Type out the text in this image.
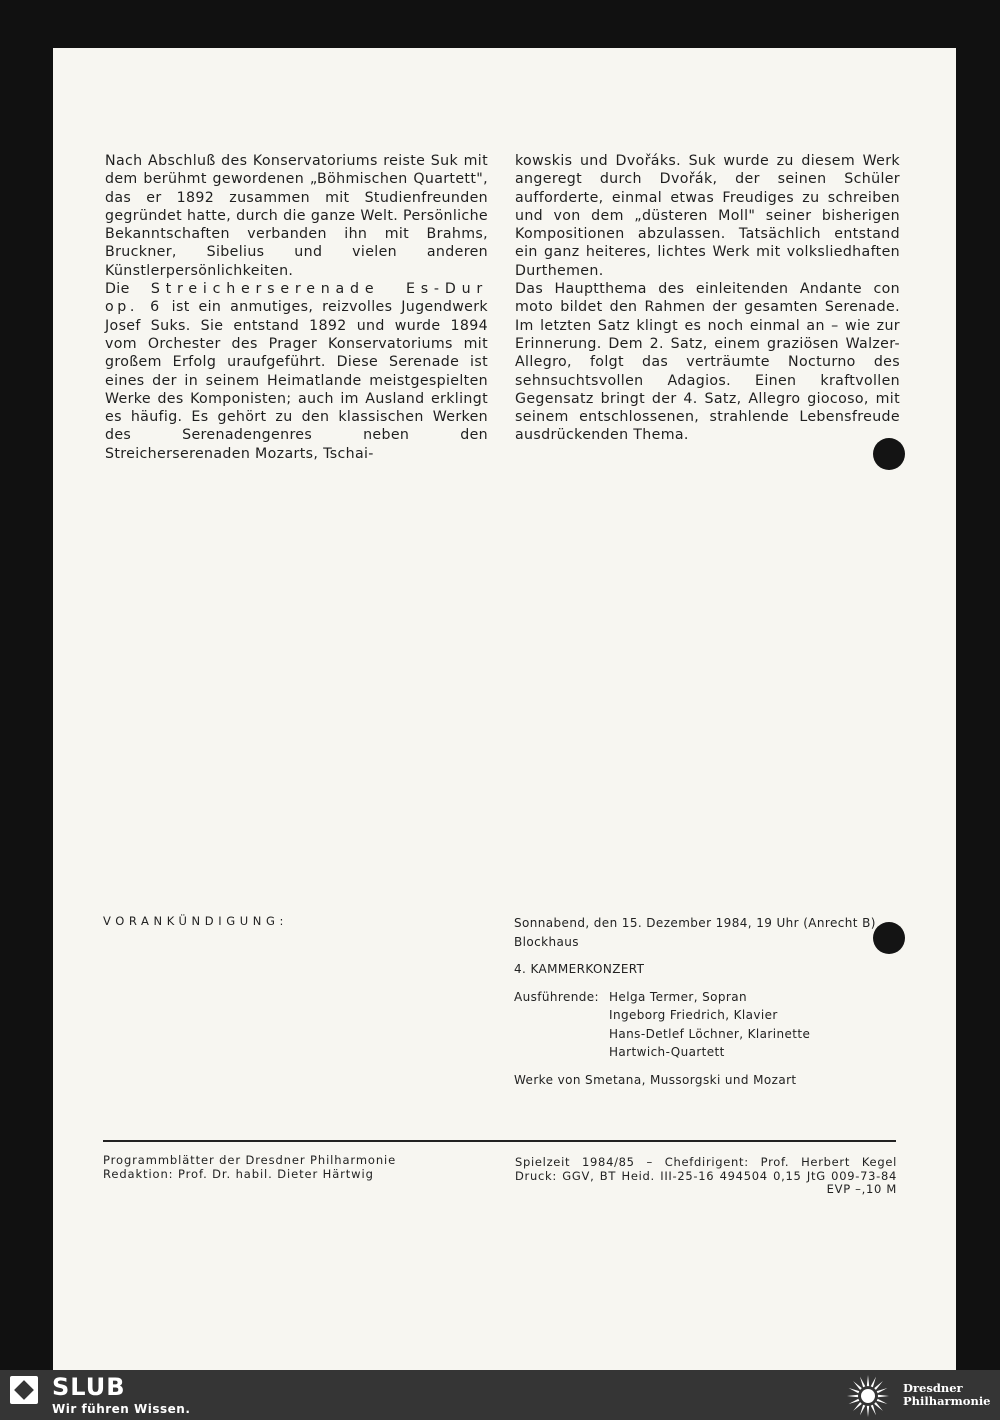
Nach Abschluß des Konservatoriums reiste Suk mit dem berühmt gewordenen „Böhmischen Quartett", das er 1892 zusammen mit Studienfreunden gegründet hatte, durch die ganze Welt. Persönliche Bekanntschaften verbanden ihn mit Brahms, Bruckner, Sibelius und vielen anderen Künstlerpersönlichkeiten.

Die Streicherserenade Es-Dur

op. 6 ist ein anmutiges, reizvolles Jugendwerk Josef Suks. Sie entstand 1892 und wurde 1894 vom Orchester des Prager Konservatoriums mit großem Erfolg uraufgeführt. Diese Serenade ist eines der in seinem Heimatlande meistgespielten Werke des Komponisten; auch im Ausland erklingt es häufig. Es gehört zu den klassischen Werken des Serenadengenres neben den Streicherserenaden Mozarts, Tschai-

kowskis und Dvořáks. Suk wurde zu diesem Werk angeregt durch Dvořák, der seinen Schüler aufforderte, einmal etwas Freudiges zu schreiben und von dem „düsteren Moll" seiner bisherigen Kompositionen abzulassen. Tatsächlich entstand ein ganz heiteres, lichtes Werk mit volksliedhaften Durthemen.

Das Hauptthema des einleitenden Andante con moto bildet den Rahmen der gesamten Serenade. Im letzten Satz klingt es noch einmal an – wie zur Erinnerung. Dem 2. Satz, einem graziösen Walzer-Allegro, folgt das verträumte Nocturno des sehnsuchtsvollen Adagios. Einen kraftvollen Gegensatz bringt der 4. Satz, Allegro giocoso, mit seinem entschlossenen, strahlende Lebensfreude ausdrückenden Thema.

VORANKÜNDIGUNG:	Sonnabend, den 15. Dezember 1984, 19 Uhr (Anrecht B)
Blockhaus
4. KAMMERKONZERT
Ausführende: Helga Termer, Sopran
Ingeborg Friedrich, Klavier
Hans-Detlef Löchner, Klarinette
Hartwich-Quartett
Werke von Smetana, Mussorgski und Mozart
Programmblätter der Dresdner Philharmonie
Redaktion: Prof. Dr. habil. Dieter Härtwig
Spielzeit 1984/85 – Chefdirigent: Prof. Herbert Kegel
Druck: GGV, BT Heid. III-25-16 494504 0,15 JtG 009-73-84
EVP –,10 M
SLUB
Wir führen Wissen.
Dresdner
Philharmonie
